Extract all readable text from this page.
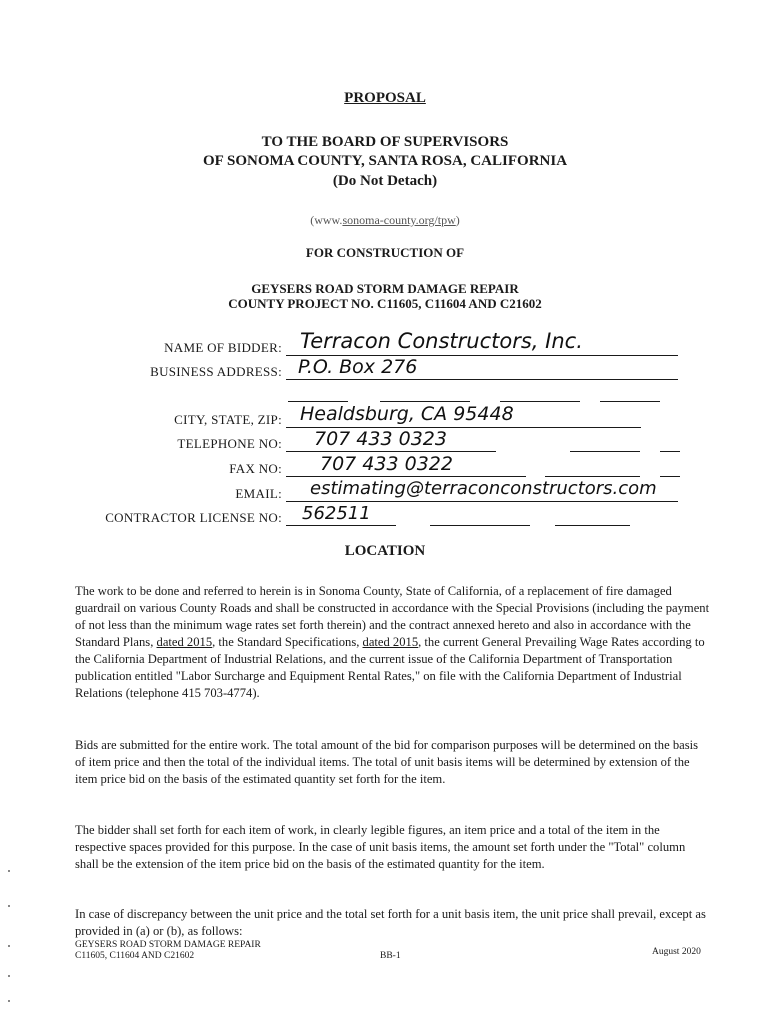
PROPOSAL
TO THE BOARD OF SUPERVISORS
OF SONOMA COUNTY, SANTA ROSA, CALIFORNIA
(Do Not Detach)
(www.sonoma-county.org/tpw)
FOR CONSTRUCTION OF
GEYSERS ROAD STORM DAMAGE REPAIR
COUNTY PROJECT NO. C11605, C11604 AND C21602
NAME OF BIDDER: Terracon Constructors, Inc.
BUSINESS ADDRESS: P.O. Box 276
CITY, STATE, ZIP: Healdsburg, CA 95448
TELEPHONE NO: 707 433 0323
FAX NO: 707 433 0322
EMAIL: estimating@terraconconstructors.com
CONTRACTOR LICENSE NO: 562511
LOCATION
The work to be done and referred to herein is in Sonoma County, State of California, of a replacement of fire damaged guardrail on various County Roads and shall be constructed in accordance with the Special Provisions (including the payment of not less than the minimum wage rates set forth therein) and the contract annexed hereto and also in accordance with the Standard Plans, dated 2015, the Standard Specifications, dated 2015, the current General Prevailing Wage Rates according to the California Department of Industrial Relations, and the current issue of the California Department of Transportation publication entitled "Labor Surcharge and Equipment Rental Rates," on file with the California Department of Industrial Relations (telephone 415 703-4774).
Bids are submitted for the entire work. The total amount of the bid for comparison purposes will be determined on the basis of item price and then the total of the individual items. The total of unit basis items will be determined by extension of the item price bid on the basis of the estimated quantity set forth for the item.
The bidder shall set forth for each item of work, in clearly legible figures, an item price and a total of the item in the respective spaces provided for this purpose. In the case of unit basis items, the amount set forth under the "Total" column shall be the extension of the item price bid on the basis of the estimated quantity for the item.
In case of discrepancy between the unit price and the total set forth for a unit basis item, the unit price shall prevail, except as provided in (a) or (b), as follows:
GEYSERS ROAD STORM DAMAGE REPAIR
C11605, C11604 AND C21602	BB-1	August 2020
